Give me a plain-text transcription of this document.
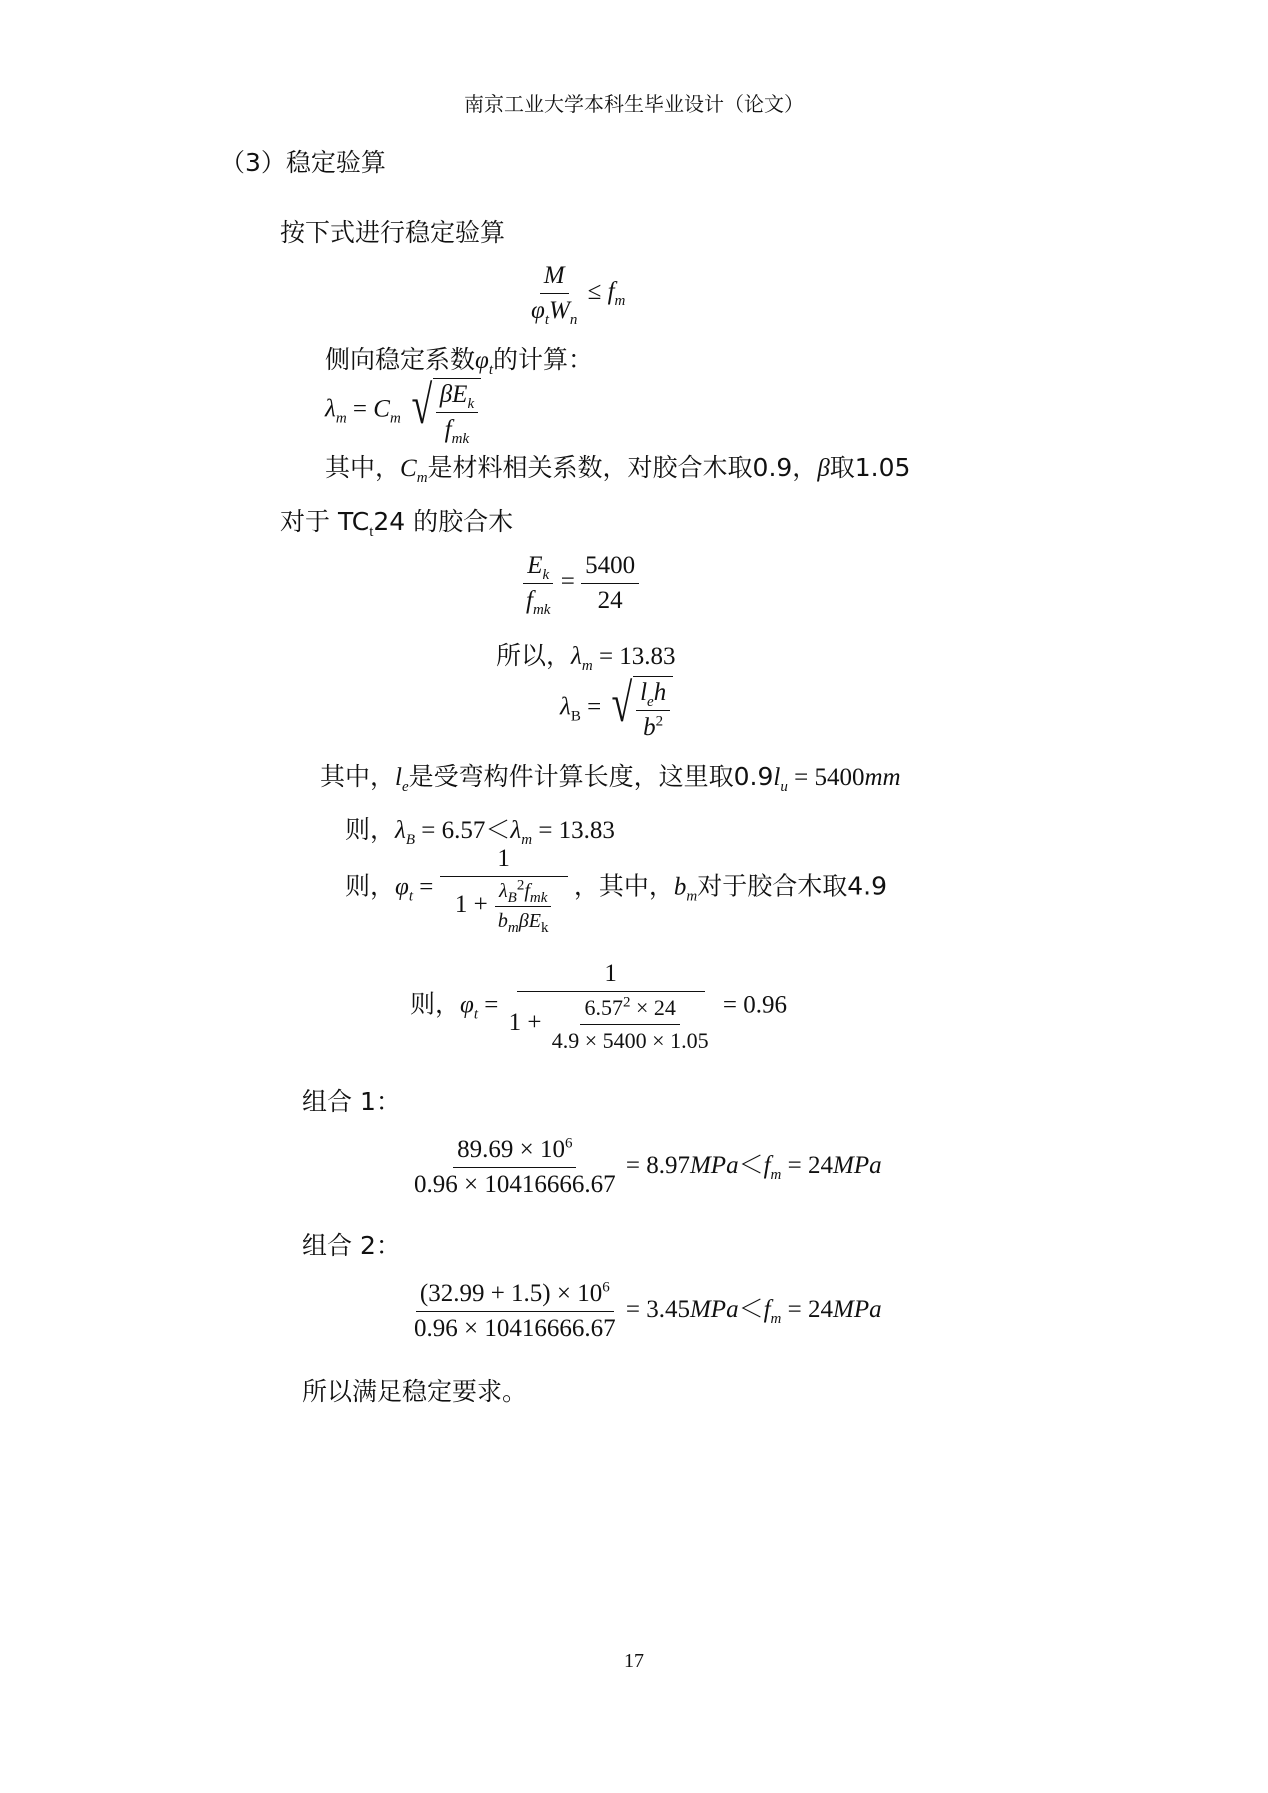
南京工业大学本科生毕业设计（论文）
（3）稳定验算
按下式进行稳定验算
$\frac{M}{\varphi_tW_n} \le f_m$
侧向稳定系数$\varphi_t$的计算：
$\lambda_m = C_m$ √ $\frac{\beta E_k}{f_{mk}}$
其中，$C_m$是材料相关系数，对胶合木取0.9，β取1.05
对于 $TC_t24$ 的胶合木
$\frac{E_k}{f_{mk}} = \frac{5400}{24}$
所以，$\lambda_m = 13.83$
$\lambda_B$ = √ $\frac{l_eh}{b^2}$
其中，$l_e$是受弯构件计算长度，这里取$0.9l_u = 5400mm$
则，$\lambda_B = 6.57<\lambda_m = 13.83$
则，$\varphi_t = \frac{1}{1 + \frac{\lambda_B^2f_{mk}}{b_m\beta E_k}}$ ，其中，$b_m$对于胶合木取4.9
则，$\varphi_t = \frac{1}{1 + \frac{6.57^2 \times 24}{4.9 \times 5400 \times 1.05}} = 0.96$
组合 1：
$\frac{89.69 \times 10^6}{0.96 \times 10416666.67} = 8.97MPa<f_m = 24MPa$
组合 2：
$\frac{(32.99 + 1.5) \times 10^6}{0.96 \times 10416666.67} = 3.45MPa<f_m = 24MPa$
所以满足稳定要求。
17
